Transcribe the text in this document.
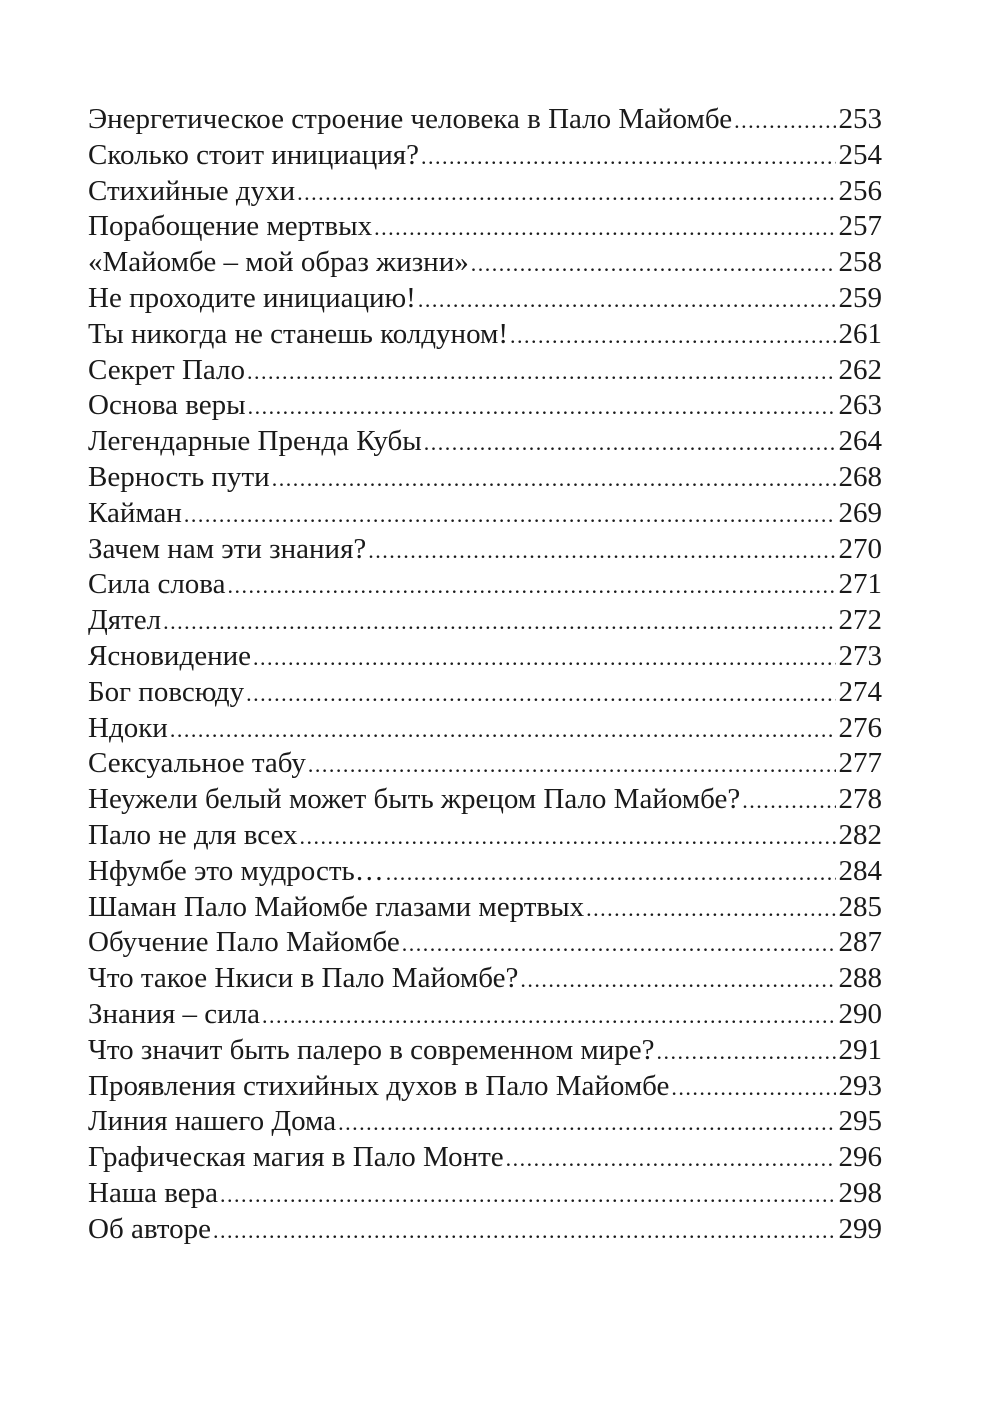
Энергетическое строение человека в Пало Майомбе .....	253
Сколько стоит инициация? .....	254
Стихийные духи .....	256
Порабощение мертвых .....	257
«Майомбе – мой образ жизни» .....	258
Не проходите инициацию! .....	259
Ты никогда не станешь колдуном! .....	261
Секрет Пало .....	262
Основа веры .....	263
Легендарные Пренда Кубы .....	264
Верность пути .....	268
Кайман .....	269
Зачем нам эти знания? .....	270
Сила слова .....	271
Дятел .....	272
Ясновидение .....	273
Бог повсюду .....	274
Ндоки .....	276
Сексуальное табу .....	277
Неужели белый может быть жрецом Пало Майомбе? .....	278
Пало не для всех .....	282
Нфумбе это мудрость… .....	284
Шаман Пало Майомбе глазами мертвых .....	285
Обучение Пало Майомбе .....	287
Что такое Нкиси в Пало Майомбе? .....	288
Знания – сила .....	290
Что значит быть палеро в современном мире? .....	291
Проявления стихийных духов в Пало Майомбе .....	293
Линия нашего Дома .....	295
Графическая магия в Пало Монте .....	296
Наша вера .....	298
Об авторе .....	299
